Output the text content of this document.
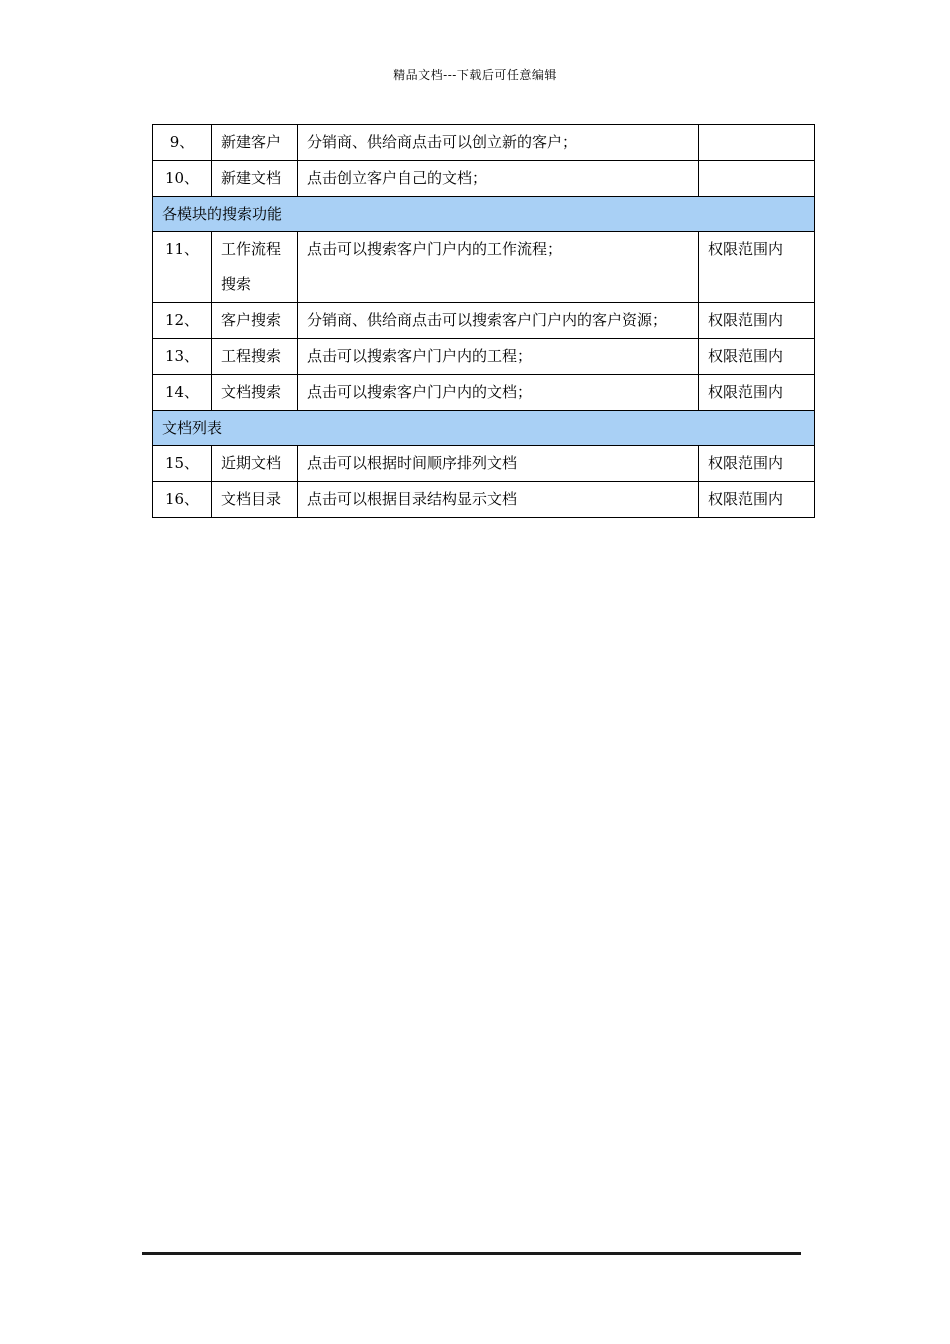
精品文档---下载后可任意编辑
9、	新建客户	分销商、供给商点击可以创立新的客户；	
10、	新建文档	点击创立客户自己的文档；	
各模块的搜索功能			
11、	工作流程搜索	点击可以搜索客户门户内的工作流程；	权限范围内
12、	客户搜索	分销商、供给商点击可以搜索客户门户内的客户资源；	权限范围内
13、	工程搜索	点击可以搜索客户门户内的工程；	权限范围内
14、	文档搜索	点击可以搜索客户门户内的文档；	权限范围内
文档列表			
15、	近期文档	点击可以根据时间顺序排列文档	权限范围内
16、	文档目录	点击可以根据目录结构显示文档	权限范围内
